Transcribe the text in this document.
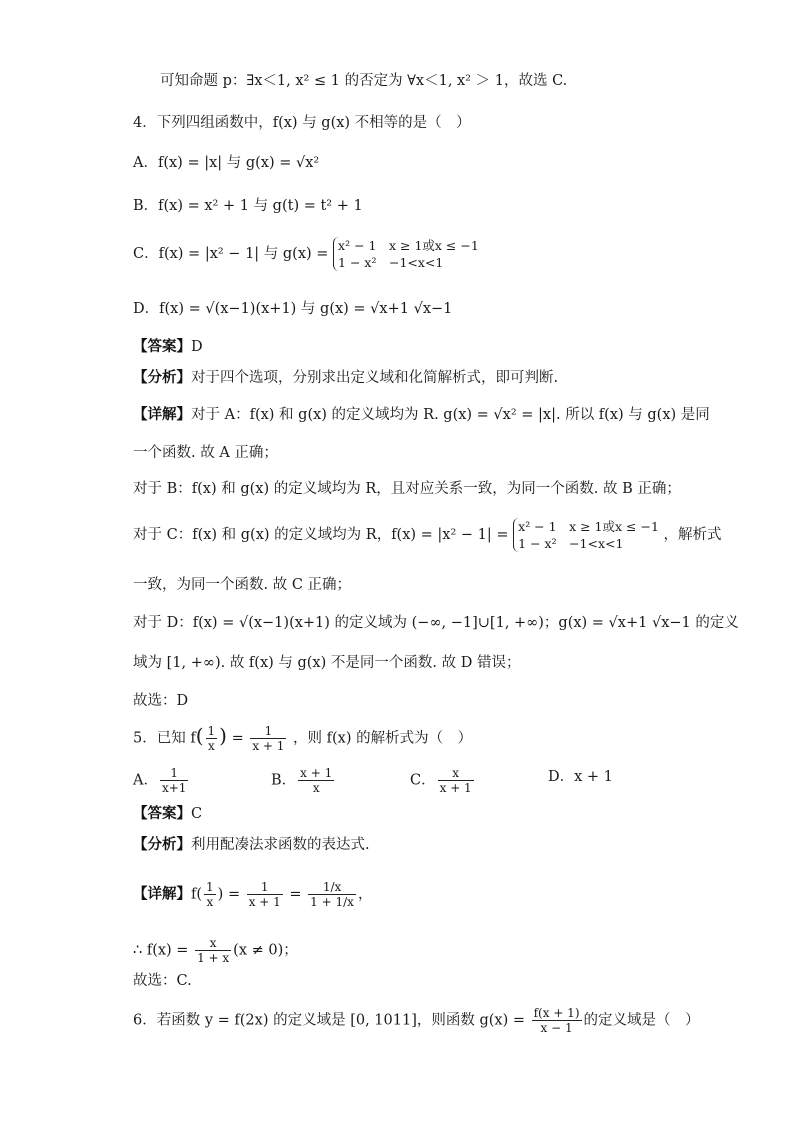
可知命题 p：∃x＜1, x² ≤ 1 的否定为 ∀x＜1, x² ＞ 1，故选 C.
4．下列四组函数中，f(x) 与 g(x) 不相等的是（　）
A．f(x) = |x| 与 g(x) = √x²
B．f(x) = x² + 1 与 g(t) = t² + 1
C．f(x) = |x² − 1| 与 g(x) =
x² − 1　x ≥ 1或x ≤ −1
1 − x²　−1<x<1
D．f(x) = √(x−1)(x+1) 与 g(x) = √x+1 √x−1
【答案】D
【分析】对于四个选项，分别求出定义域和化简解析式，即可判断.
【详解】对于 A：f(x) 和 g(x) 的定义域均为 R. g(x) = √x² = |x|. 所以 f(x) 与 g(x) 是同
一个函数. 故 A 正确；
对于 B：f(x) 和 g(x) 的定义域均为 R，且对应关系一致，为同一个函数. 故 B 正确；
对于 C：f(x) 和 g(x) 的定义域均为 R，f(x) = |x² − 1| =
x² − 1　x ≥ 1或x ≤ −1
1 − x²　−1<x<1
，解析式
一致，为同一个函数. 故 C 正确；
对于 D：f(x) = √(x−1)(x+1) 的定义域为 (−∞, −1]∪[1, +∞)；g(x) = √x+1 √x−1 的定义
域为 [1, +∞). 故 f(x) 与 g(x) 不是同一个函数. 故 D 错误；
故选：D
5．已知 $f( \frac{1}{x}$ ) = $\frac{1}{x + 1}$ ，则 f(x) 的解析式为（　）
A． $\frac{1}{x+1}$	B． $\frac{x + 1}{x}$	C． $\frac{x}{x + 1}$	D．x + 1
【答案】C
【分析】利用配凑法求函数的表达式.
【详解】$f( \frac{1}{x}$ ) = $\frac{1}{x + 1} = \frac{1/x}{1 + 1/x}$ ，
∴ $f(x) = \frac{x}{1 + x} (x \ne 0)$；
故选：C.
6．若函数 y = f(2x) 的定义域是 [0, 1011]，则函数 $g(x) = \frac{f(x + 1)}{x - 1}$ 的定义域是（　）
